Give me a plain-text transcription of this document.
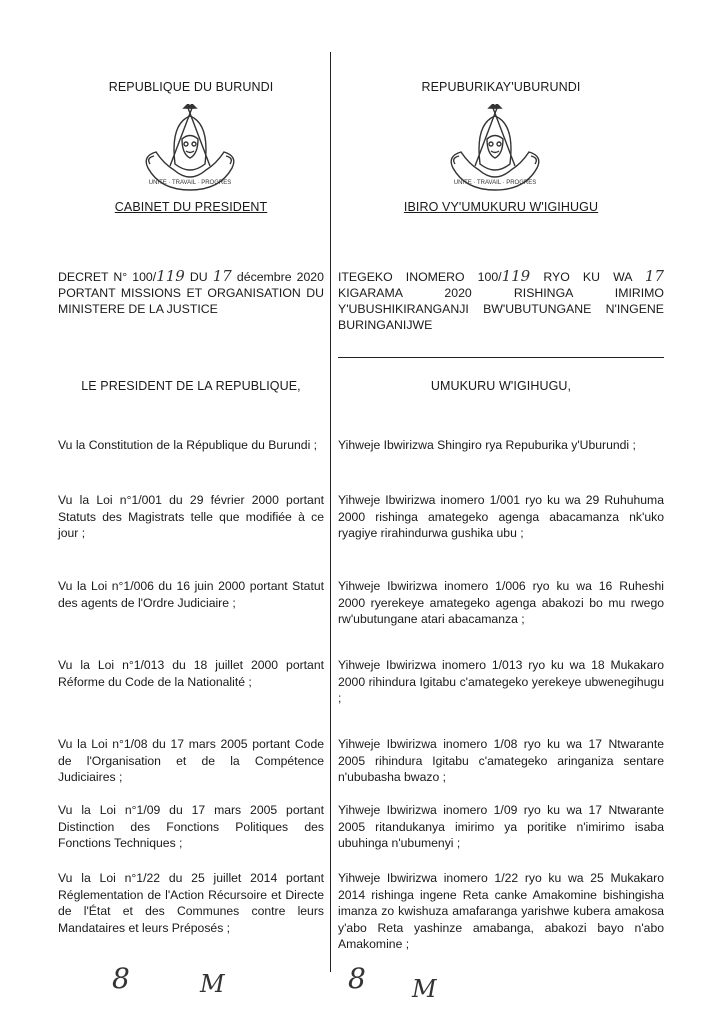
REPUBLIQUE DU BURUNDI
UNITE · TRAVAIL · PROGRES
CABINET DU PRESIDENT
DECRET N° 100/119 DU 17 décembre 2020 PORTANT MISSIONS ET ORGANISATION DU MINISTERE DE LA JUSTICE
LE PRESIDENT DE LA REPUBLIQUE,
Vu la Constitution de la République du Burundi ;
Vu la Loi n°1/001 du 29 février 2000 portant Statuts des Magistrats telle que modifiée à ce jour ;
Vu la Loi n°1/006 du 16 juin 2000 portant Statut des agents de l'Ordre Judiciaire ;
Vu la Loi n°1/013 du 18 juillet 2000 portant Réforme du Code de la Nationalité ;
Vu la Loi n°1/08 du 17 mars 2005 portant Code de l'Organisation et de la Compétence Judiciaires ;
Vu la Loi n°1/09 du 17 mars 2005 portant Distinction des Fonctions Politiques des Fonctions Techniques ;
Vu la Loi n°1/22 du 25 juillet 2014 portant Réglementation de l'Action Récursoire et Directe de l'État et des Communes contre leurs Mandataires et leurs Préposés ;
REPUBURIKAY'UBURUNDI
UNITE · TRAVAIL · PROGRES
IBIRO VY'UMUKURU W'IGIHUGU
ITEGEKO INOMERO 100/119 RYO KU WA 17 KIGARAMA 2020 RISHINGA IMIRIMO Y'UBUSHIKIRANGANJI BW'UBUTUNGANE N'INGENE BURINGANIJWE
UMUKURU W'IGIHUGU,
Yihweje Ibwirizwa Shingiro rya Repuburika y'Uburundi ;
Yihweje Ibwirizwa inomero 1/001 ryo ku wa 29 Ruhuhuma 2000 rishinga amategeko agenga abacamanza nk'uko ryagiye rirahindurwa gushika ubu ;
Yihweje Ibwirizwa inomero 1/006 ryo ku wa 16 Ruheshi 2000 ryerekeye amategeko agenga abakozi bo mu rwego rw'ubutungane atari abacamanza ;
Yihweje Ibwirizwa inomero 1/013 ryo ku wa 18 Mukakaro 2000 rihindura Igitabu c'amategeko yerekeye ubwenegihugu ;
Yihweje Ibwirizwa inomero 1/08 ryo ku wa 17 Ntwarante 2005 rihindura Igitabu c'amategeko aringaniza sentare n'ububasha bwazo ;
Yihweje Ibwirizwa inomero 1/09 ryo ku wa 17 Ntwarante 2005 ritandukanya imirimo ya poritike n'imirimo isaba ubuhinga n'ubumenyi ;
Yihweje Ibwirizwa inomero 1/22 ryo ku wa 25 Mukakaro 2014 rishinga ingene Reta canke Amakomine bishingisha imanza zo kwishuza amafaranga yarishwe kubera amakosa y'abo Reta yashinze amabanga, abakozi bayo n'abo Amakomine ;
8	M	8 M
